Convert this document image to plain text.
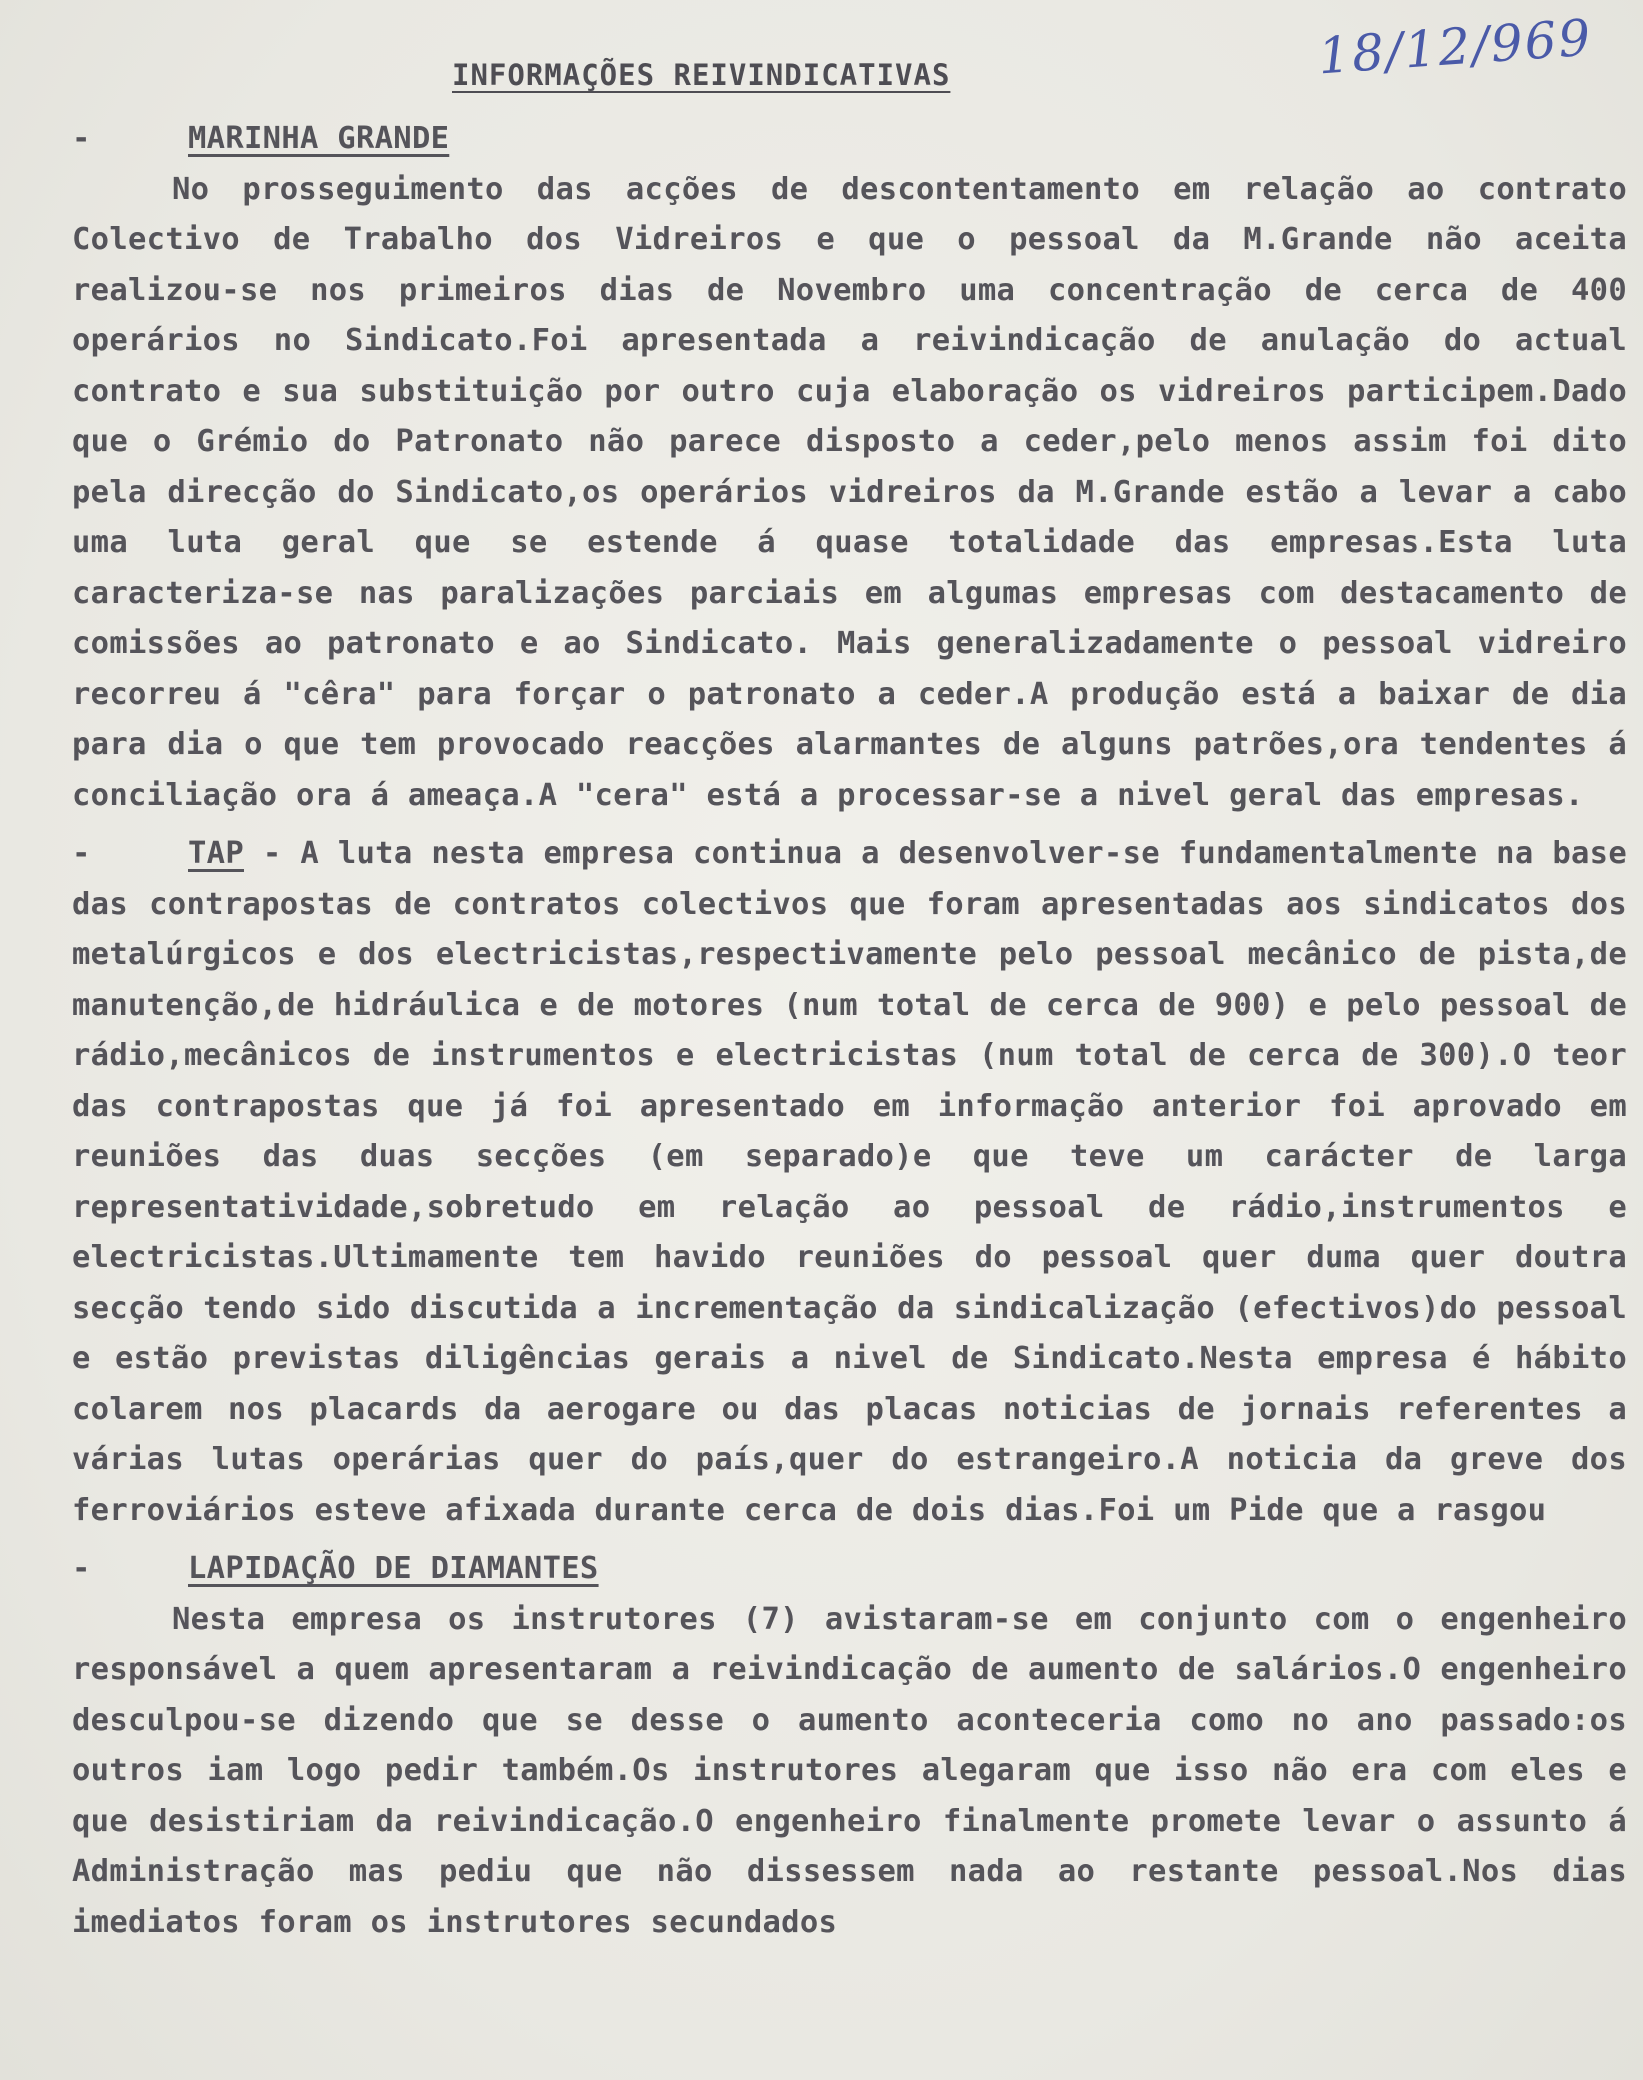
18/12/969
INFORMAÇÕES REIVINDICATIVAS
-	MARINHA GRANDE
No prosseguimento das acções de descontentamento em relação ao contrato Colectivo de Trabalho dos Vidreiros e que o pessoal da M.Grande não aceita realizou-se nos primeiros dias de Novembro uma concentração de cerca de 400 operários no Sindicato.Foi apresentada a reivindicação de anulação do actual contrato e sua substituição por outro cuja elaboração os vidreiros participem.Dado que o Grémio do Patronato não parece disposto a ceder,pelo menos assim foi dito pela direcção do Sindicato,os operários vidreiros da M.Grande estão a levar a cabo uma luta geral que se estende á quase totalidade das empresas.Esta luta caracteriza-se nas paralizações parciais em algumas empresas com destacamento de comissões ao patronato e ao Sindicato. Mais generalizadamente o pessoal vidreiro recorreu á "cêra" para forçar o patronato a ceder.A produção está a baixar de dia para dia o que tem provocado reacções alarmantes de alguns patrões,ora tendentes á conciliação ora á ameaça.A "cera" está a processar-se a nivel geral das empresas.
-	TAP - A luta nesta empresa continua a desenvolver-se fundamentalmente na base das contrapostas de contratos colectivos que foram apresentadas aos sindicatos dos metalúrgicos e dos electricistas,respectivamente pelo pessoal mecânico de pista,de manutenção,de hidráulica e de motores (num total de cerca de 900) e pelo pessoal de rádio,mecânicos de instrumentos e electricistas (num total de cerca de 300).O teor das contrapostas que já foi apresentado em informação anterior foi aprovado em reuniões das duas secções (em separado)e que teve um carácter de larga representatividade,sobretudo em relação ao pessoal de rádio,instrumentos e electricistas.Ultimamente tem havido reuniões do pessoal quer duma quer doutra secção tendo sido discutida a incrementação da sindicalização (efectivos)do pessoal e estão previstas diligências gerais a nivel de Sindicato.Nesta empresa é hábito colarem nos placards da aerogare ou das placas noticias de jornais referentes a várias lutas operárias quer do país,quer do estrangeiro.A noticia da greve dos ferroviários esteve afixada durante cerca de dois dias.Foi um Pide que a rasgou
-	LAPIDAÇÃO DE DIAMANTES
Nesta empresa os instrutores (7) avistaram-se em conjunto com o engenheiro responsável a quem apresentaram a reivindicação de aumento de salários.O engenheiro desculpou-se dizendo que se desse o aumento aconteceria como no ano passado:os outros iam logo pedir também.Os instrutores alegaram que isso não era com eles e que desistiriam da reivindicação.O engenheiro finalmente promete levar o assunto á Administração mas pediu que não dissessem nada ao restante pessoal.Nos dias imediatos foram os instrutores secundados
